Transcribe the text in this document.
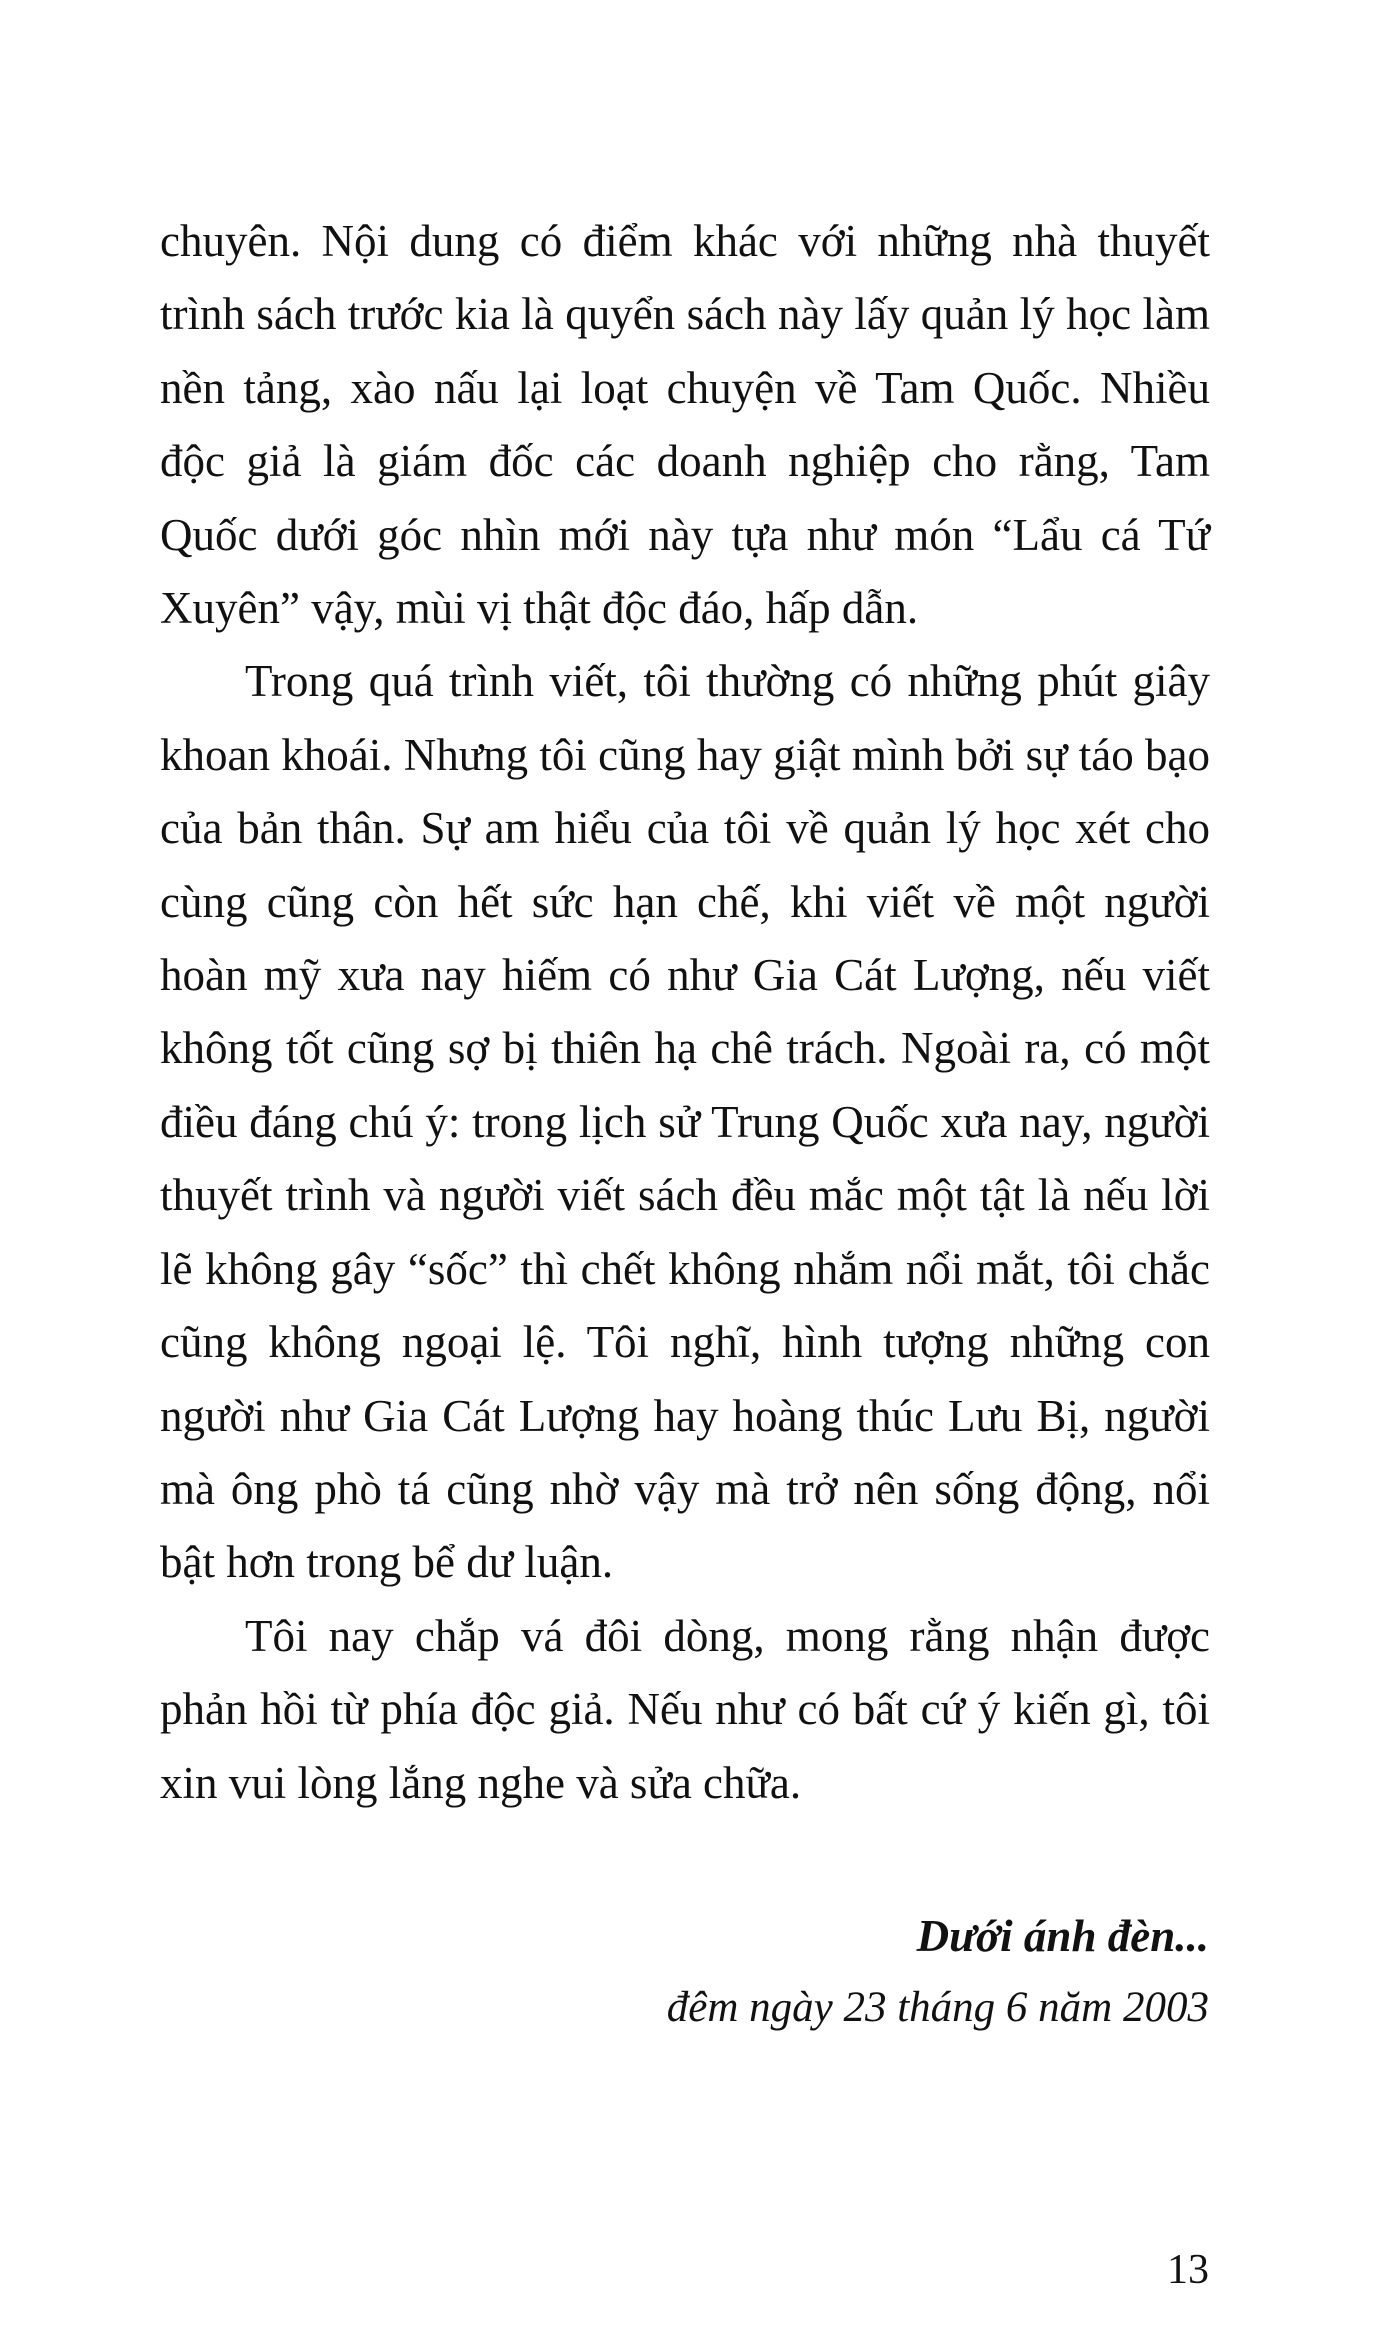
chuyên. Nội dung có điểm khác với những nhà thuyết trình sách trước kia là quyển sách này lấy quản lý học làm nền tảng, xào nấu lại loạt chuyện về Tam Quốc. Nhiều độc giả là giám đốc các doanh nghiệp cho rằng, Tam Quốc dưới góc nhìn mới này tựa như món “Lẩu cá Tứ Xuyên” vậy, mùi vị thật độc đáo, hấp dẫn.

Trong quá trình viết, tôi thường có những phút giây khoan khoái. Nhưng tôi cũng hay giật mình bởi sự táo bạo của bản thân. Sự am hiểu của tôi về quản lý học xét cho cùng cũng còn hết sức hạn chế, khi viết về một người hoàn mỹ xưa nay hiếm có như Gia Cát Lượng, nếu viết không tốt cũng sợ bị thiên hạ chê trách. Ngoài ra, có một điều đáng chú ý: trong lịch sử Trung Quốc xưa nay, người thuyết trình và người viết sách đều mắc một tật là nếu lời lẽ không gây “sốc” thì chết không nhắm nổi mắt, tôi chắc cũng không ngoại lệ. Tôi nghĩ, hình tượng những con người như Gia Cát Lượng hay hoàng thúc Lưu Bị, người mà ông phò tá cũng nhờ vậy mà trở nên sống động, nổi bật hơn trong bể dư luận.

Tôi nay chắp vá đôi dòng, mong rằng nhận được phản hồi từ phía độc giả. Nếu như có bất cứ ý kiến gì, tôi xin vui lòng lắng nghe và sửa chữa.

Dưới ánh đèn...
đêm ngày 23 tháng 6 năm 2003
13
